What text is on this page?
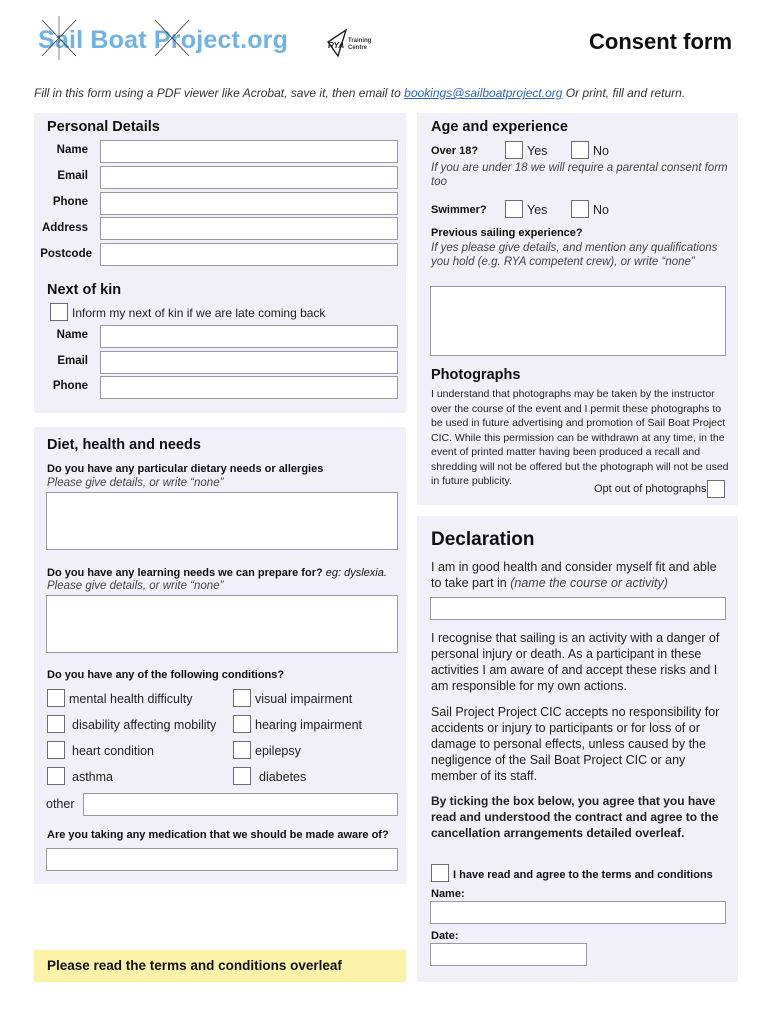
Sail Boat Project.org	RYA Training Centre	Consent form
Fill in this form using a PDF viewer like Acrobat, save it, then email to bookings@sailboatproject.org Or print, fill and return.
Personal Details
Name
Email
Phone
Address
Postcode
Next of kin
Inform my next of kin if we are late coming back
Name
Email
Phone
Diet, health and needs
Do you have any particular dietary needs or allergies
Please give details, or write “none”
Do you have any learning needs we can prepare for? eg: dyslexia.
Please give details, or write “none”
Do you have any of the following conditions?
mental health difficulty	visual impairment
disability affecting mobility	hearing impairment
heart condition	epilepsy
asthma	diabetes
other
Are you taking any medication that we should be made aware of?
Please read the terms and conditions overleaf
Age and experience
Over 18?	Yes	No
If you are under 18 we will require a parental consent form too
Swimmer?	Yes	No
Previous sailing experience?
If yes please give details, and mention any qualifications you hold (e.g. RYA competent crew), or write “none”
Photographs
I understand that photographs may be taken by the instructor over the course of the event and I permit these photographs to be used in future advertising and promotion of Sail Boat Project CIC. While this permission can be withdrawn at any time, in the event of printed matter having been produced a recall and shredding will not be offered but the photograph will not be used in future publicity.
Opt out of photographs
Declaration
I am in good health and consider myself fit and able to take part in (name the course or activity)
I recognise that sailing is an activity with a danger of personal injury or death. As a participant in these activities I am aware of and accept these risks and I am responsible for my own actions.
Sail Project Project CIC accepts no responsibility for accidents or injury to participants or for loss of or damage to personal effects, unless caused by the negligence of the Sail Boat Project CIC or any member of its staff.
By ticking the box below, you agree that you have read and understood the contract and agree to the cancellation arrangements detailed overleaf.
I have read and agree to the terms and conditions
Name:
Date:
